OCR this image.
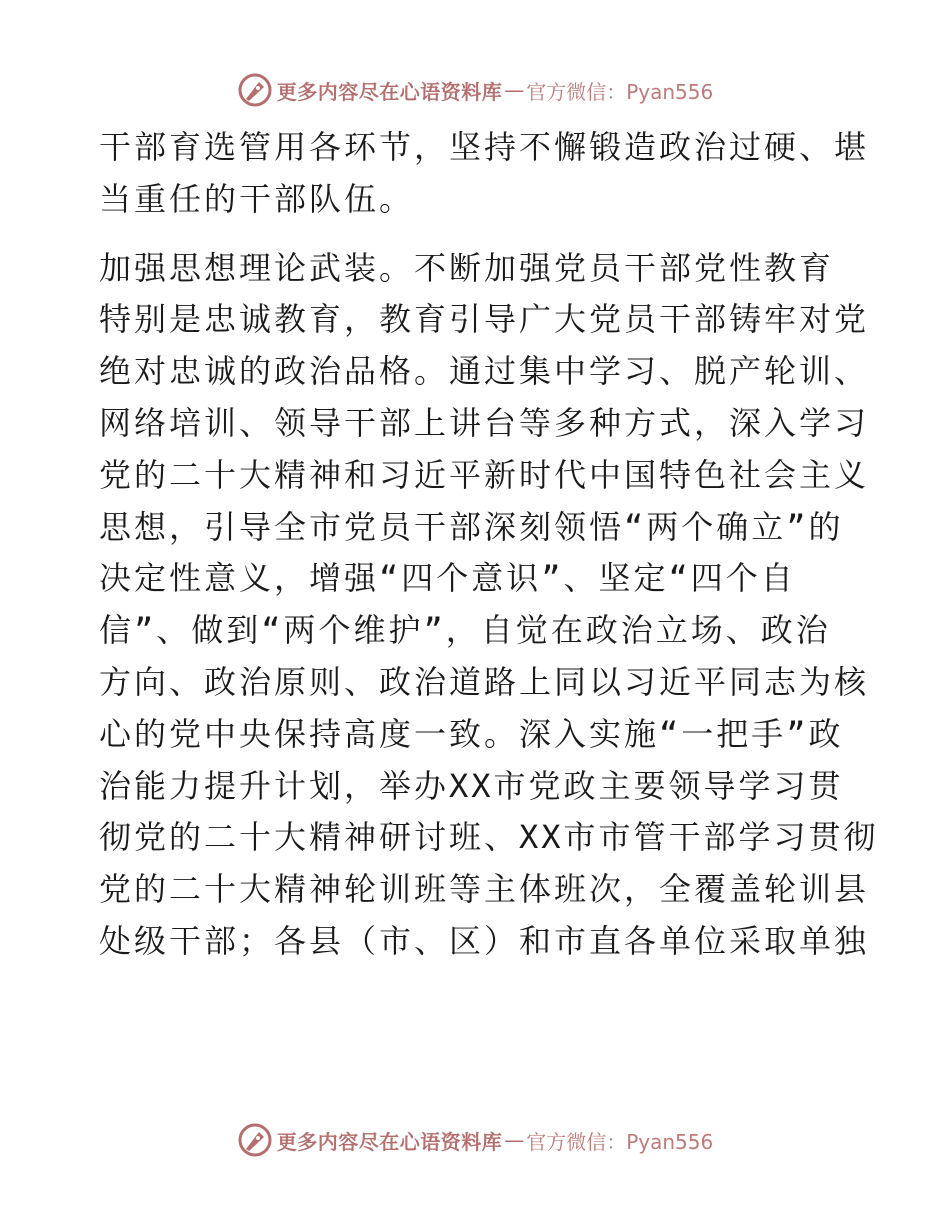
更多内容尽在心语资料库 — 官方微信：Pyan556

干部育选管用各环节，坚持不懈锻造政治过硬、堪
当重任的干部队伍。

加强思想理论武装。不断加强党员干部党性教育
特别是忠诚教育，教育引导广大党员干部铸牢对党
绝对忠诚的政治品格。通过集中学习、脱产轮训、
网络培训、领导干部上讲台等多种方式，深入学习
党的二十大精神和习近平新时代中国特色社会主义
思想，引导全市党员干部深刻领悟“两个确立”的
决定性意义，增强“四个意识”、坚定“四个自
信”、做到“两个维护”，自觉在政治立场、政治
方向、政治原则、政治道路上同以习近平同志为核
心的党中央保持高度一致。深入实施“一把手”政
治能力提升计划，举办XX市党政主要领导学习贯
彻党的二十大精神研讨班、XX市市管干部学习贯彻
党的二十大精神轮训班等主体班次，全覆盖轮训县
处级干部；各县（市、区）和市直各单位采取单独

更多内容尽在心语资料库 — 官方微信：Pyan556
